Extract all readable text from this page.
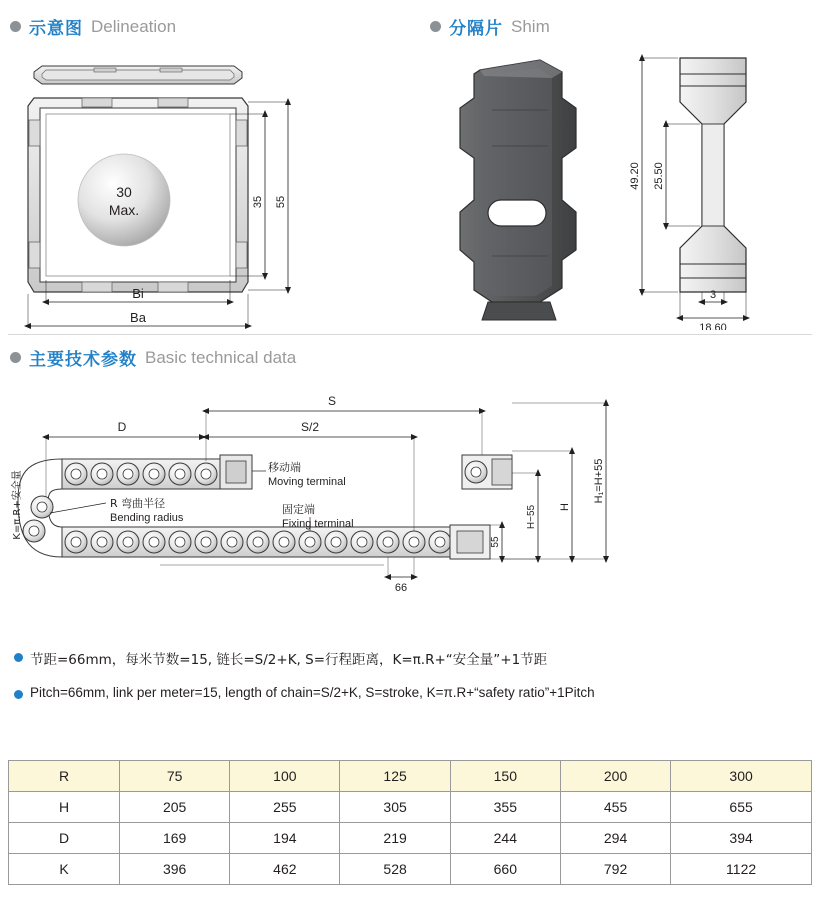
示意图 Delineation	分隔片 Shim
主要技术参数 Basic technical data
30
Max.	35 55
Bi
Ba
49.20 25.50
3
18.60
S
S/2
D
K=π.R+安全量
移动端
Moving terminal
R 弯曲半径
Bending radius
固定端
Fixing terminal
66
55
H−55 H
H₁=H+55
节距=66mm，每米节数=15, 链长=S/2+K, S=行程距离，K=π.R+“安全量”+1节距
Pitch=66mm, link per meter=15, length of chain=S/2+K, S=stroke, K=π.R+“safety ratio”+1Pitch
R	75	100	125	150	200	300
H	205	255	305	355	455	655
D	169	194	219	244	294	394
K	396	462	528	660	792	1122
